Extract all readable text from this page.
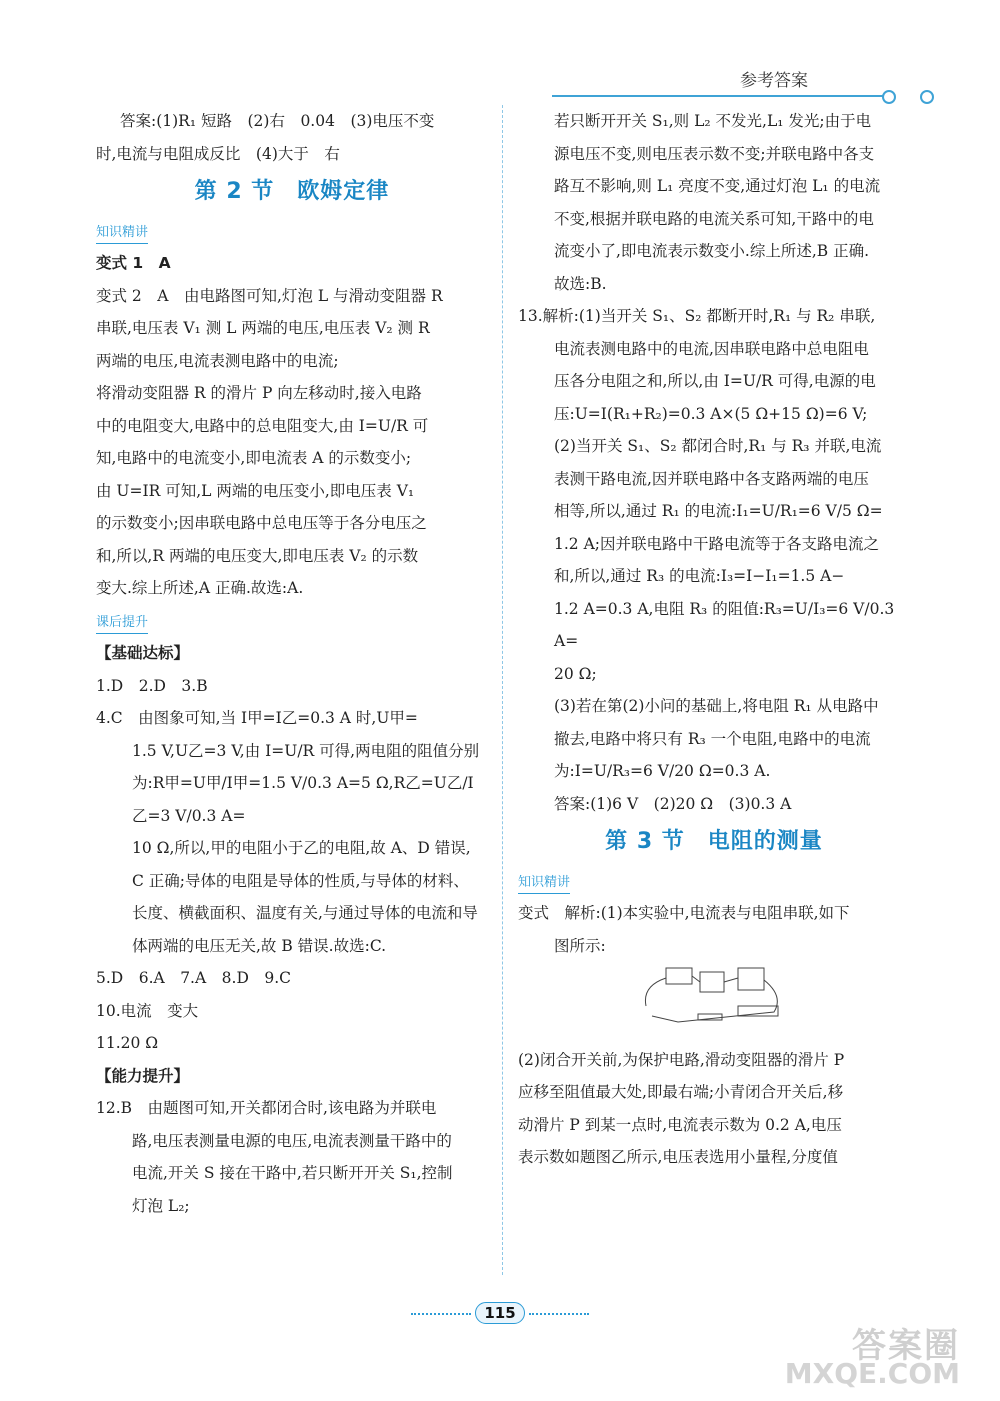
参考答案

答案:(1)R₁ 短路　(2)右　0.04　(3)电压不变

时,电流与电阻成反比　(4)大于　右

第 2 节　欧姆定律

知识精讲

变式 1　A

变式 2　A　由电路图可知,灯泡 L 与滑动变阻器 R

串联,电压表 V₁ 测 L 两端的电压,电压表 V₂ 测 R

两端的电压,电流表测电路中的电流;

将滑动变阻器 R 的滑片 P 向左移动时,接入电路

中的电阻变大,电路中的总电阻变大,由 I=U/R 可

知,电路中的电流变小,即电流表 A 的示数变小;

由 U=IR 可知,L 两端的电压变小,即电压表 V₁

的示数变小;因串联电路中总电压等于各分电压之

和,所以,R 两端的电压变大,即电压表 V₂ 的示数

变大.综上所述,A 正确.故选:A.

课后提升

【基础达标】

1.D　2.D　3.B

4.C　由图象可知,当 I甲=I乙=0.3 A 时,U甲=

1.5 V,U乙=3 V,由 I=U/R 可得,两电阻的阻值分别

为:R甲=U甲/I甲=1.5 V/0.3 A=5 Ω,R乙=U乙/I乙=3 V/0.3 A=

10 Ω,所以,甲的电阻小于乙的电阻,故 A、D 错误,

C 正确;导体的电阻是导体的性质,与导体的材料、

长度、横截面积、温度有关,与通过导体的电流和导

体两端的电压无关,故 B 错误.故选:C.

5.D　6.A　7.A　8.D　9.C

10.电流　变大

11.20 Ω

【能力提升】

12.B　由题图可知,开关都闭合时,该电路为并联电

路,电压表测量电源的电压,电流表测量干路中的

电流,开关 S 接在干路中,若只断开开关 S₁,控制

灯泡 L₂;

若只断开开关 S₁,则 L₂ 不发光,L₁ 发光;由于电

源电压不变,则电压表示数不变;并联电路中各支

路互不影响,则 L₁ 亮度不变,通过灯泡 L₁ 的电流

不变,根据并联电路的电流关系可知,干路中的电

流变小了,即电流表示数变小.综上所述,B 正确.

故选:B.

13.解析:(1)当开关 S₁、S₂ 都断开时,R₁ 与 R₂ 串联,

电流表测电路中的电流,因串联电路中总电阻电

压各分电阻之和,所以,由 I=U/R 可得,电源的电

压:U=I(R₁+R₂)=0.3 A×(5 Ω+15 Ω)=6 V;

(2)当开关 S₁、S₂ 都闭合时,R₁ 与 R₃ 并联,电流

表测干路电流,因并联电路中各支路两端的电压

相等,所以,通过 R₁ 的电流:I₁=U/R₁=6 V/5 Ω=

1.2 A;因并联电路中干路电流等于各支路电流之

和,所以,通过 R₃ 的电流:I₃=I−I₁=1.5 A−

1.2 A=0.3 A,电阻 R₃ 的阻值:R₃=U/I₃=6 V/0.3 A=

20 Ω;

(3)若在第(2)小问的基础上,将电阻 R₁ 从电路中

撤去,电路中将只有 R₃ 一个电阻,电路中的电流

为:I=U/R₃=6 V/20 Ω=0.3 A.

答案:(1)6 V　(2)20 Ω　(3)0.3 A

第 3 节　电阻的测量

知识精讲

变式　解析:(1)本实验中,电流表与电阻串联,如下

图所示:

(2)闭合开关前,为保护电路,滑动变阻器的滑片 P

应移至阻值最大处,即最右端;小青闭合开关后,移

动滑片 P 到某一点时,电流表示数为 0.2 A,电压

表示数如题图乙所示,电压表选用小量程,分度值

115
答案圈
MXQE.COM
